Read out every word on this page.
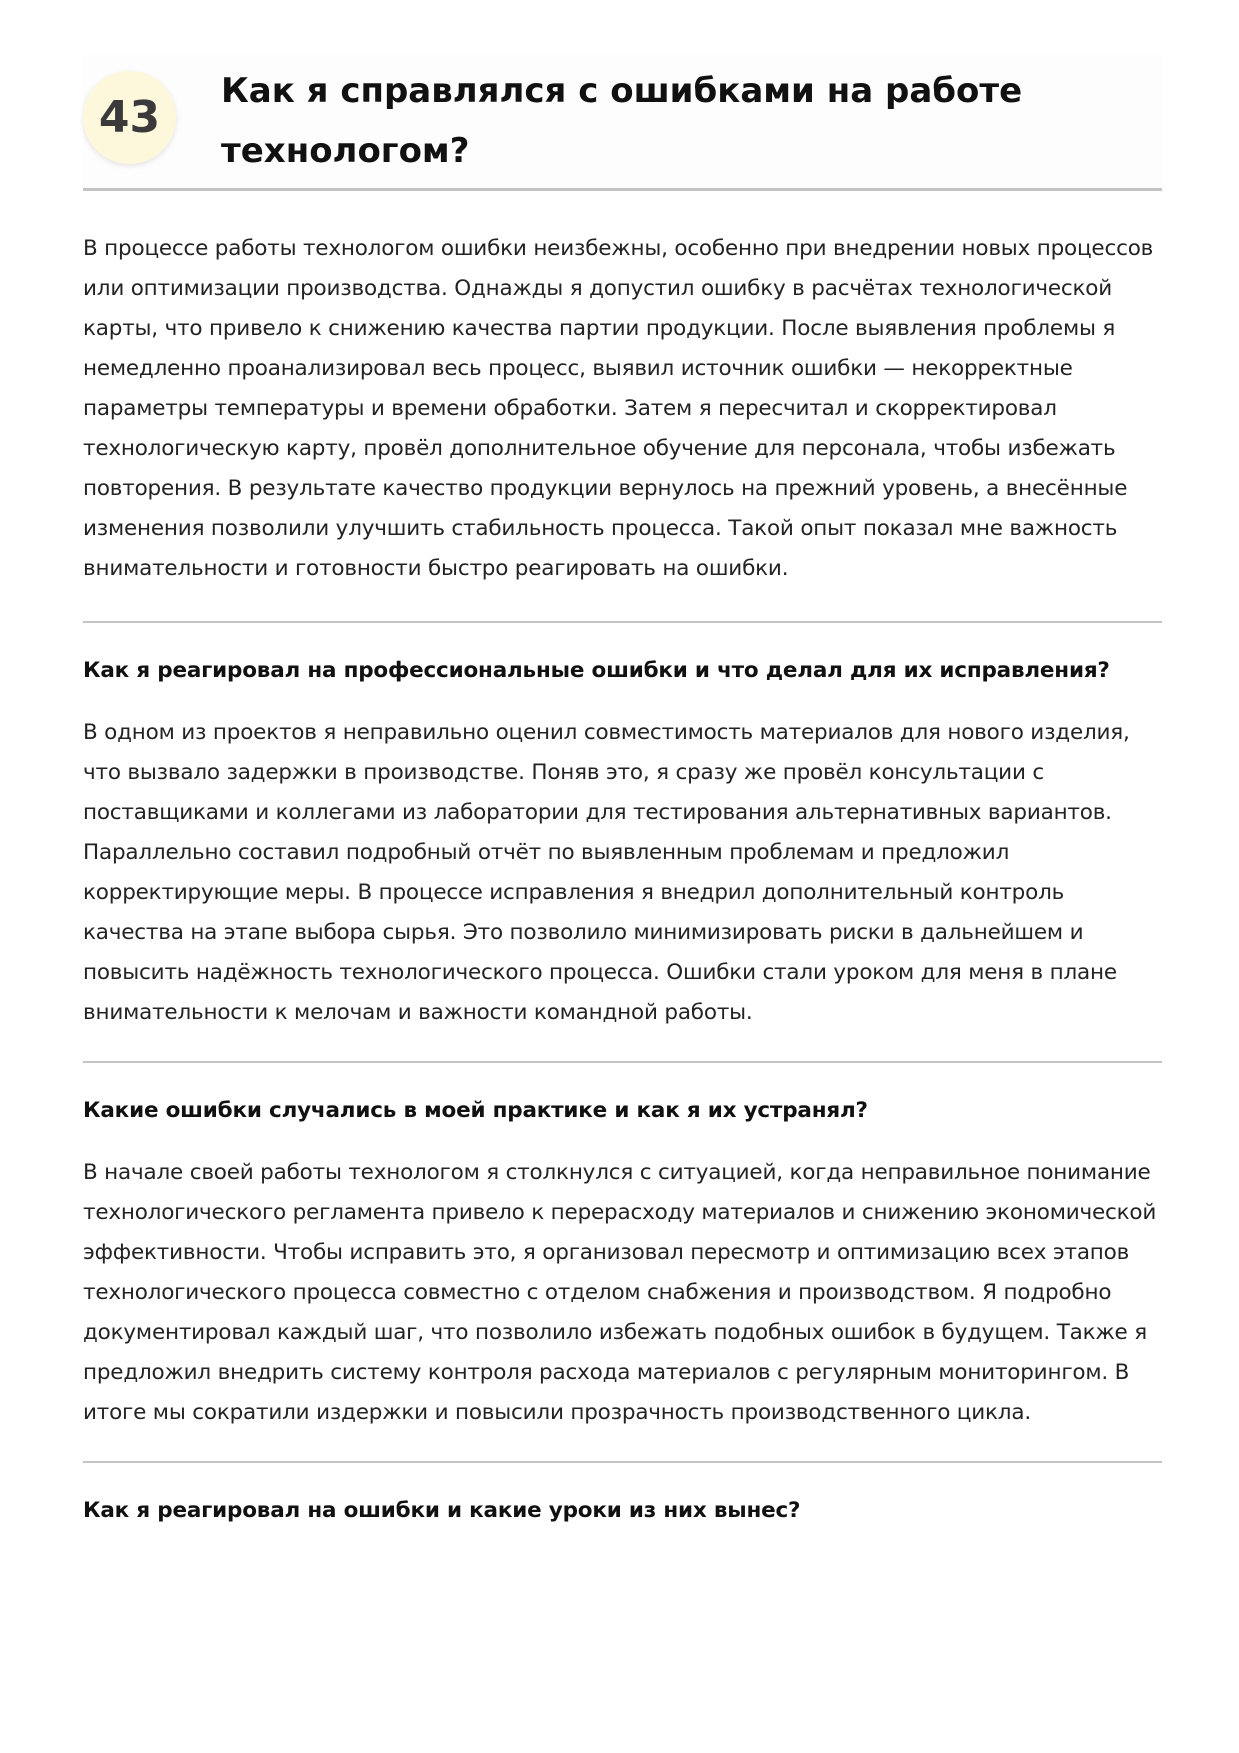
43
Как я справлялся с ошибками на работе технологом?

В процессе работы технологом ошибки неизбежны, особенно при внедрении новых процессов или оптимизации производства. Однажды я допустил ошибку в расчётах технологической карты, что привело к снижению качества партии продукции. После выявления проблемы я немедленно проанализировал весь процесс, выявил источник ошибки — некорректные параметры температуры и времени обработки. Затем я пересчитал и скорректировал технологическую карту, провёл дополнительное обучение для персонала, чтобы избежать повторения. В результате качество продукции вернулось на прежний уровень, а внесённые изменения позволили улучшить стабильность процесса. Такой опыт показал мне важность внимательности и готовности быстро реагировать на ошибки.

Как я реагировал на профессиональные ошибки и что делал для их исправления?

В одном из проектов я неправильно оценил совместимость материалов для нового изделия, что вызвало задержки в производстве. Поняв это, я сразу же провёл консультации с поставщиками и коллегами из лаборатории для тестирования альтернативных вариантов. Параллельно составил подробный отчёт по выявленным проблемам и предложил корректирующие меры. В процессе исправления я внедрил дополнительный контроль качества на этапе выбора сырья. Это позволило минимизировать риски в дальнейшем и повысить надёжность технологического процесса. Ошибки стали уроком для меня в плане внимательности к мелочам и важности командной работы.

Какие ошибки случались в моей практике и как я их устранял?

В начале своей работы технологом я столкнулся с ситуацией, когда неправильное понимание технологического регламента привело к перерасходу материалов и снижению экономической эффективности. Чтобы исправить это, я организовал пересмотр и оптимизацию всех этапов технологического процесса совместно с отделом снабжения и производством. Я подробно документировал каждый шаг, что позволило избежать подобных ошибок в будущем. Также я предложил внедрить систему контроля расхода материалов с регулярным мониторингом. В итоге мы сократили издержки и повысили прозрачность производственного цикла.

Как я реагировал на ошибки и какие уроки из них вынес?
